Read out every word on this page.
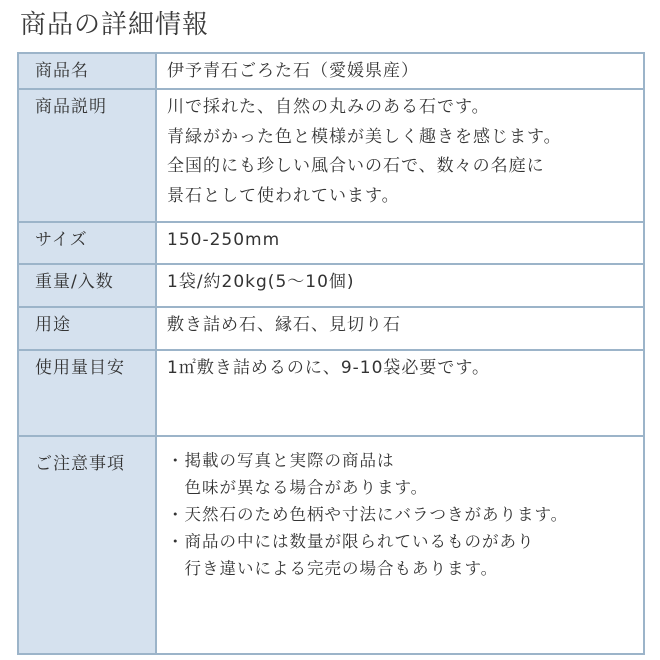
商品の詳細情報
商品名	伊予青石ごろた石（愛媛県産）

商品説明	川で採れた、自然の丸みのある石です。
青緑がかった色と模様が美しく趣きを感じます。
全国的にも珍しい風合いの石で、数々の名庭に
景石として使われています。

サイズ	150-250mm

重量/入数	1袋/約20kg(5〜10個)

用途	敷き詰め石、縁石、見切り石

使用量目安	1㎡敷き詰めるのに、9-10袋必要です。

ご注意事項	・掲載の写真と実際の商品は
　色味が異なる場合があります。
・天然石のため色柄や寸法にバラつきがあります。
・商品の中には数量が限られているものがあり
　行き違いによる完売の場合もあります。
